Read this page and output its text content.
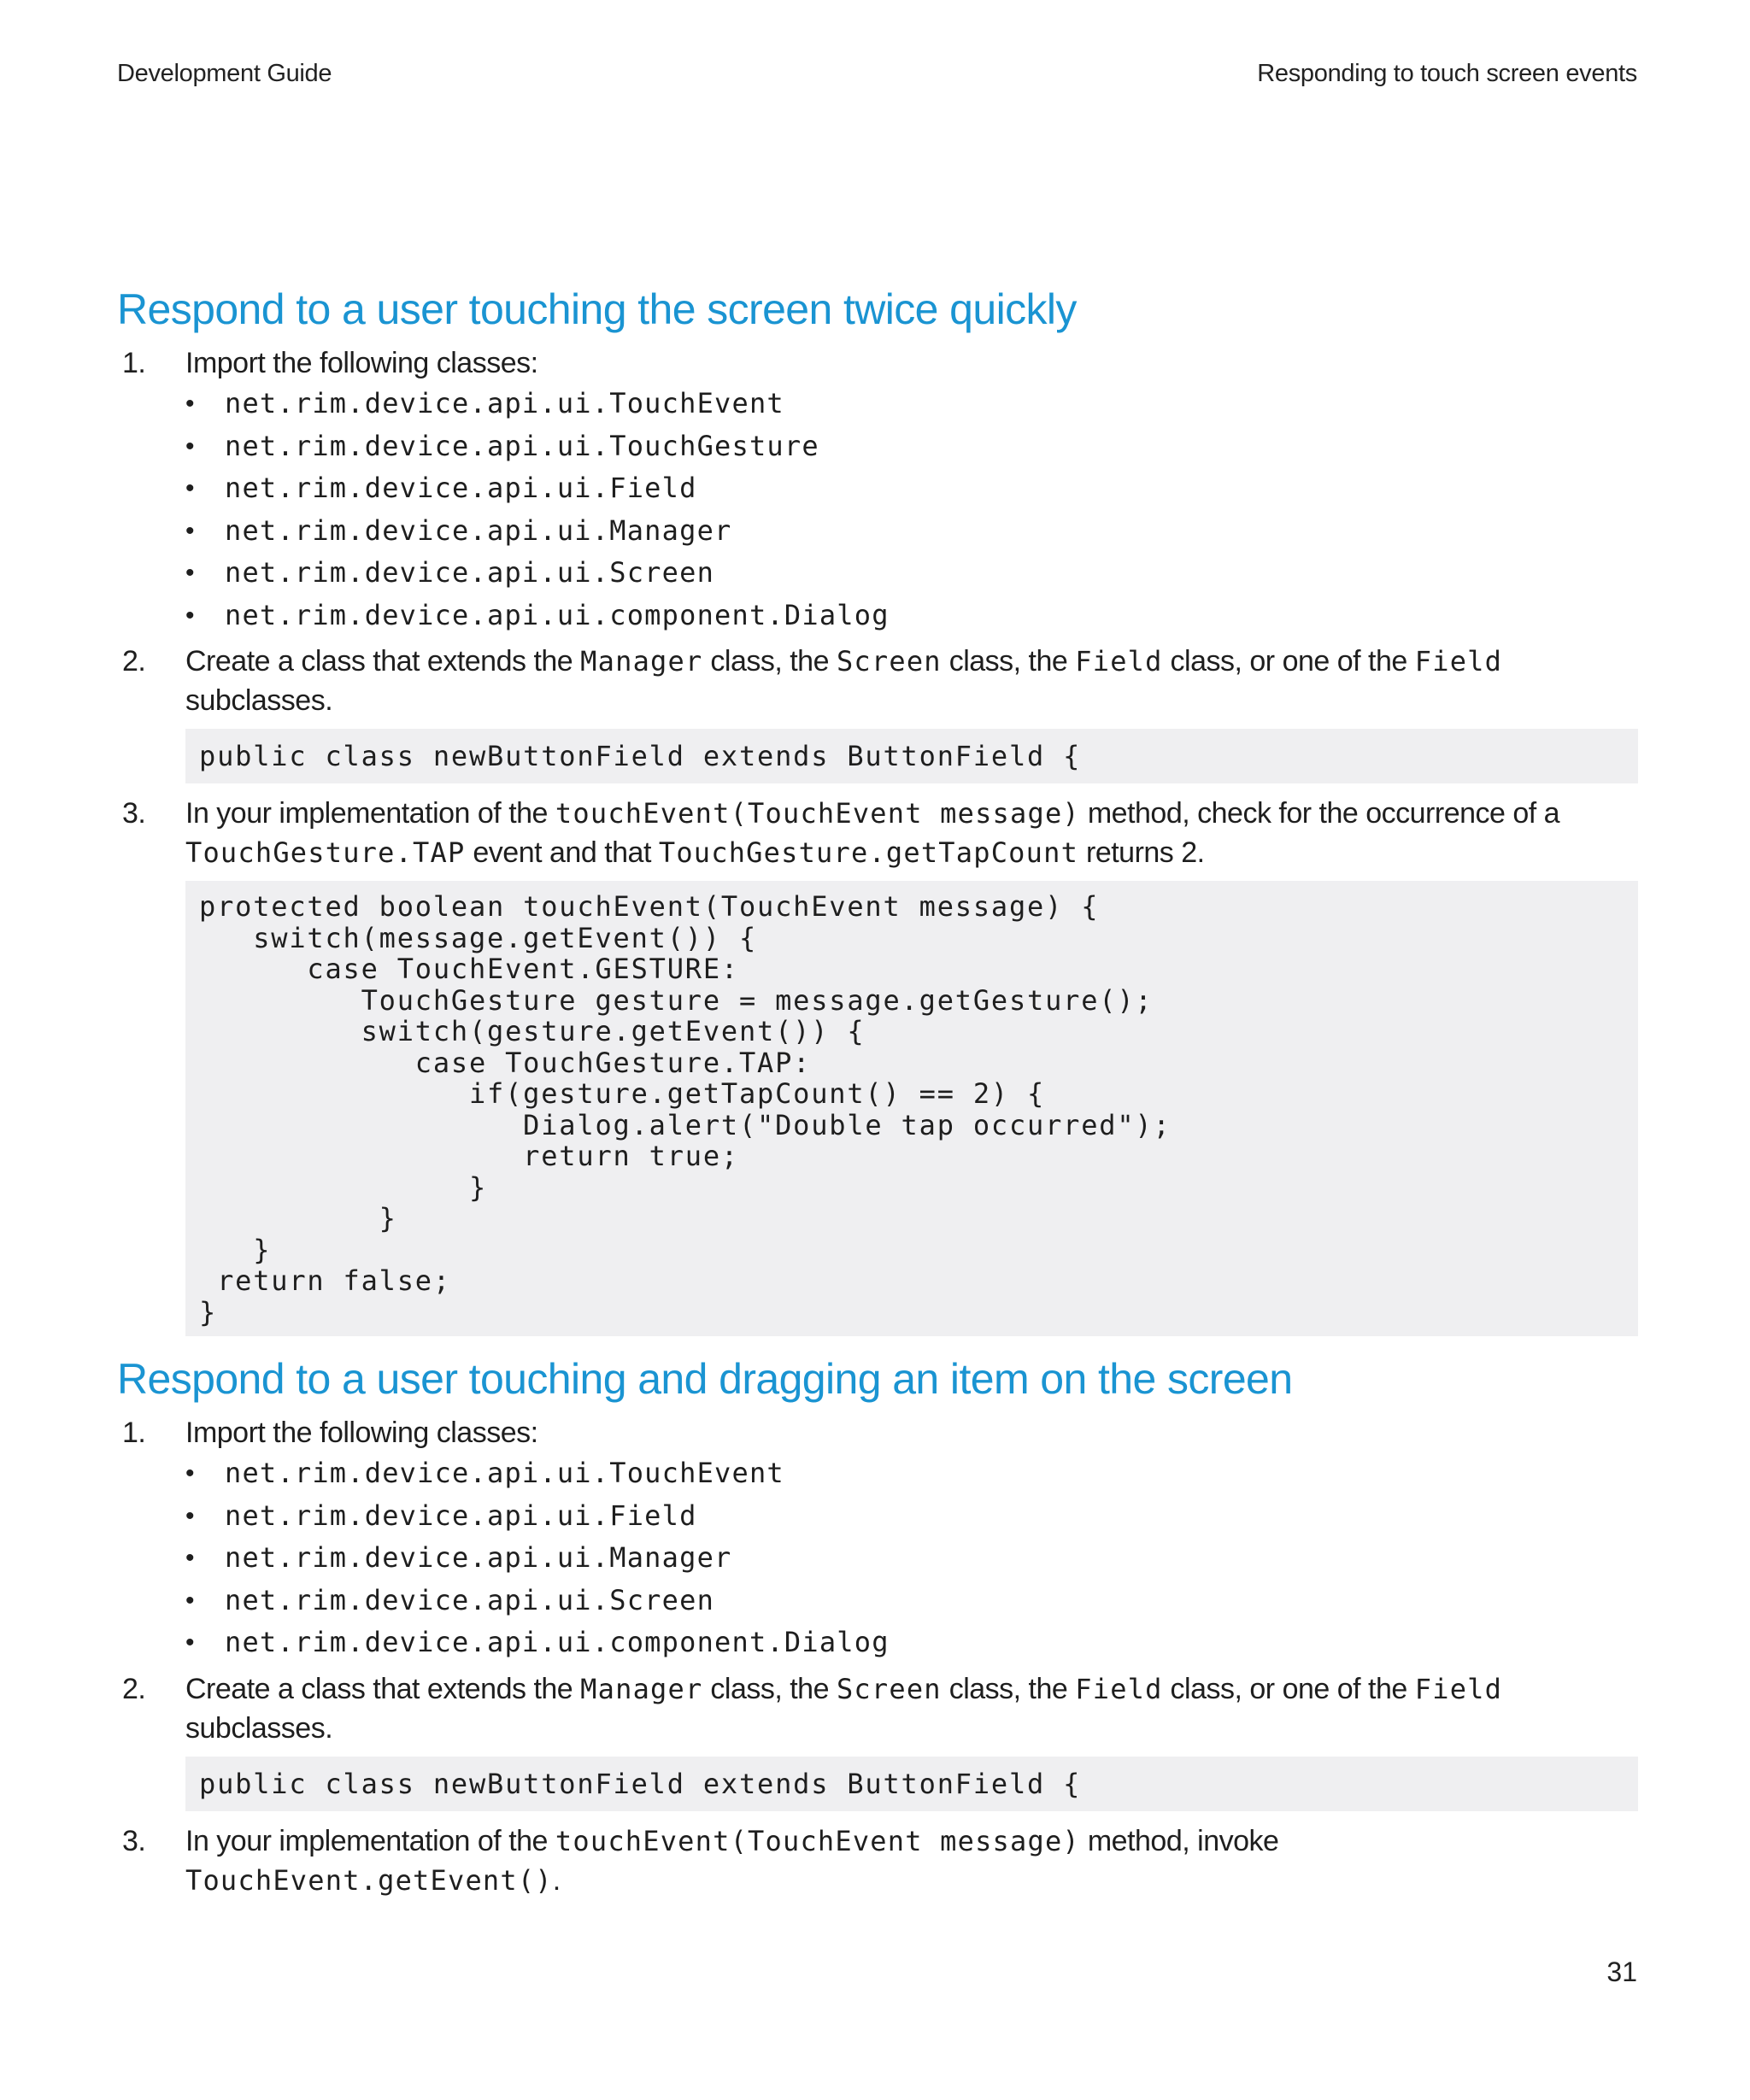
Development Guide	Responding to touch screen events
Respond to a user touching the screen twice quickly
1. Import the following classes:
• net.rim.device.api.ui.TouchEvent
• net.rim.device.api.ui.TouchGesture
• net.rim.device.api.ui.Field
• net.rim.device.api.ui.Manager
• net.rim.device.api.ui.Screen
• net.rim.device.api.ui.component.Dialog
2. Create a class that extends the Manager class, the Screen class, the Field class, or one of the Field subclasses.
public class newButtonField extends ButtonField {
3. In your implementation of the touchEvent(TouchEvent message) method, check for the occurrence of a
TouchGesture.TAP event and that TouchGesture.getTapCount returns 2.
protected boolean touchEvent(TouchEvent message) {
switch(message.getEvent()) {
case TouchEvent.GESTURE:
TouchGesture gesture = message.getGesture();
switch(gesture.getEvent()) {
case TouchGesture.TAP:
if(gesture.getTapCount() == 2) {
Dialog.alert("Double tap occurred");
return true;
}
}
}
return false;
}
Respond to a user touching and dragging an item on the screen
1. Import the following classes:
• net.rim.device.api.ui.TouchEvent
• net.rim.device.api.ui.Field
• net.rim.device.api.ui.Manager
• net.rim.device.api.ui.Screen
• net.rim.device.api.ui.component.Dialog
2. Create a class that extends the Manager class, the Screen class, the Field class, or one of the Field subclasses.
public class newButtonField extends ButtonField {
3. In your implementation of the touchEvent(TouchEvent message) method, invoke TouchEvent.getEvent().
31
